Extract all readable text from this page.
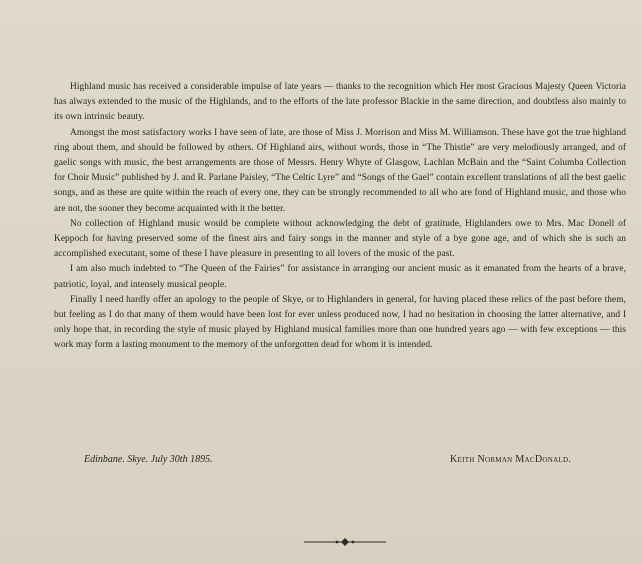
Highland music has received a considerable impulse of late years — thanks to the recognition which Her most Gracious Majesty Queen Victoria has always extended to the music of the Highlands, and to the efforts of the late professor Blackie in the same direction, and doubtless also mainly to its own intrinsic beauty.

Amongst the most satisfactory works I have seen of late, are those of Miss J. Morrison and Miss M. Williamson. These have got the true highland ring about them, and should be followed by others. Of Highland airs, without words, those in “The Thistle” are very melodiously arranged, and of gaelic songs with music, the best arrangements are those of Messrs. Henry Whyte of Glasgow, Lachlan McBain and the “Saint Columba Collection for Choir Music” published by J. and R. Parlane Paisley, “The Celtic Lyre” and “Songs of the Gael” contain excellent translations of all the best gaelic songs, and as these are quite within the reach of every one, they can be strongly recommended to all who are fond of Highland music, and those who are not, the sooner they become acquainted with it the better.

No collection of Highland music would be complete without acknowledging the debt of gratitude, Highlanders owe to Mrs. Mac Donell of Keppoch for having preserved some of the finest airs and fairy songs in the manner and style of a bye gone age, and of which she is such an accomplished executant, some of these I have pleasure in presenting to all lovers of the music of the past.

I am also much indebted to “The Queen of the Fairies” for assistance in arranging our ancient music as it emanated from the hearts of a brave, patriotic, loyal, and intensely musical people.

Finally I need hardly offer an apology to the people of Skye, or to Highlanders in general, for having placed these relics of the past before them, but feeling as I do that many of them would have been lost for ever unless produced now, I had no hesitation in choosing the latter alternative, and I only hope that, in recording the style of music played by Highland musical families more than one hundred years ago — with few exceptions — this work may form a lasting monument to the memory of the unforgotten dead for whom it is intended.

Edinbane. Skye. July 30th 1895.	Keith Norman MacDonald.
